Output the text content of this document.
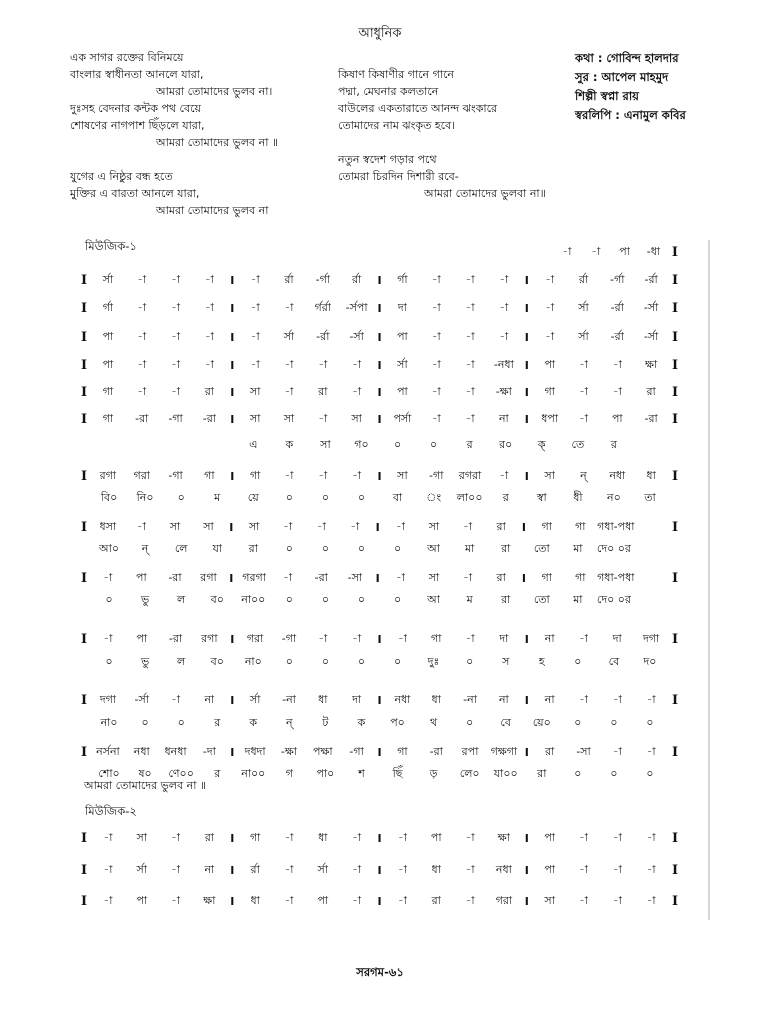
আধুনিক
এক সাগর রক্তের বিনিময়ে
বাংলার স্বাধীনতা আনলে যারা,
আমরা তোমাদের ভুলব না।
দুঃসহ বেদনার কন্টক পথ বেয়ে
শোষণের নাগপাশ ছিঁড়লে যারা,
আমরা তোমাদের ভুলব না ॥
যুগের এ নিষ্ঠুর বন্ধ হতে
মুক্তির এ বারতা আনলে যারা,
আমরা তোমাদের ভুলব না
কিষাণ কিষাণীর গানে গানে
পদ্মা, মেঘনার কলতানে
বাউলের একতারাতে আনন্দ ঝংকারে
তোমাদের নাম ঝংকৃত হবে।
নতুন স্বদেশ গড়ার পথে
তোমরা চিরদিন দিশারী রবে-
আমরা তোমাদের ভুলবা না॥
কথা : গোবিন্দ হালদার
সুর : আপেল মাহমুদ
শিল্পী স্বপ্না রায়
স্বরলিপি : এনামুল কবির
মিউজিক-১
মিউজিক-২
-া	-া	পা	-ধা I
I	র্সা	-া	-া	-া	I	-া	র্রা	-র্গা	র্রা	I	র্গা	-া	-া	-া	I	-া	র্রা	-র্গা	-র্রা	I
I	র্গা	-া	-া	-া	I	-া	-া	র্গর্রা	-র্সপা I	দা	-া	-া	-া	I	-া	র্সা	-র্রা	-র্সা	I
I	পা	-া	-া	-া	I	-া	র্সা	-র্রা	-র্সা	I	পা	-া	-া	-া	I	-া	র্সা	-র্রা	-র্সা	I
I	পা	-া	-া	-া	I	-া	-া	-া	-া	I	র্সা	-া	-া	-নধা I	পা	-া	-া	ক্ষা	I
I	গা	-া	-া	রা	I	সা	-া	রা	-া	I	পা	-া	-া	-ক্ষা	I	গা	-া	-া	রা	I
I	গা	-রা	-গা	-রা	I	সা	সা	-া	সা	I	পর্সা	-া	-া	না	I	ধপা	-া	পা	-রা	I
এ	ক	সা	গ০	০	০	র	র০	ক্	তে	র
I	রগা	গরা	-গা	গা	I	গা	-া	-া	-া	I	সা	-গা	রগরা	-া	I	সা	ন্	নধা	ধা	I
বি০	নি০	০	ম	য়ে	০	০	০	বা	ং	লা০০	র	স্বা	ধী	ন০	তা
I	ধসা	-া	সা	সা	I	সা	-া	-া	-া	I	-া	সা	-া	রা	I	গা	গা	গধা-পধা	I
আ০	ন্	লে	যা	রা	০	০	০	০	আ	মা	রা	তো	মা	দে০ ০র
I	-া	পা	-রা	রগা	I গরগা	-া	-রা	-সা	I	-া	সা	-া	রা	I	গা	গা	গধা-পধা	I
০	ভু	ল	ব০	না০০	০	০	০	০	আ	ম	রা	তো	মা	দে০ ০র
I	-া	পা	-রা	রগা	I	গরা	-গা	-া	-া	I	-া	গা	-া	দা	I	না	-া	দা	দগা I
০	ভু	ল	ব০	না০	০	০	০	০	দুঃ	০	স	হ	০	বে	দ০
I	দগা	-র্সা	-া	না	I	র্সা	-না	ধা	দা	I	নধা	ধা	-না	না	I	না	-া	-া	-া	I
না০	০	০	র	ক	ন্	ট	ক	প০	থ	০	বে	য়ে০	০	০	০
I নর্সনা	নধা	ধনধা	-দা	I দধদা	-ক্ষা	পক্ষা	-গা	I	গা	-রা	রপা	গক্ষগা I	রা	-সা	-া	-া	I
শো০	ষ০	ণে০০	র	না০০	গ	পা০	শ	ছিঁ	ড়	লে০	যা০০	রা	০	০	০
I	-া	সা	-া	রা	I	গা	-া	ধা	-া	I	-া	পা	-া	ক্ষা	I	পা	-া	-া	-া	I
I	-া	র্সা	-া	না	I	র্রা	-া	র্সা	-া	I	-া	ধা	-া	নধা	I	পা	-া	-া	-া	I
I	-া	পা	-া	ক্ষা	I	ধা	-া	পা	-া	I	-া	রা	-া	গরা	I	সা	-া	-া	-া	I
আমরা তোমাদের ভুলব না ॥
সরগম-৬১
